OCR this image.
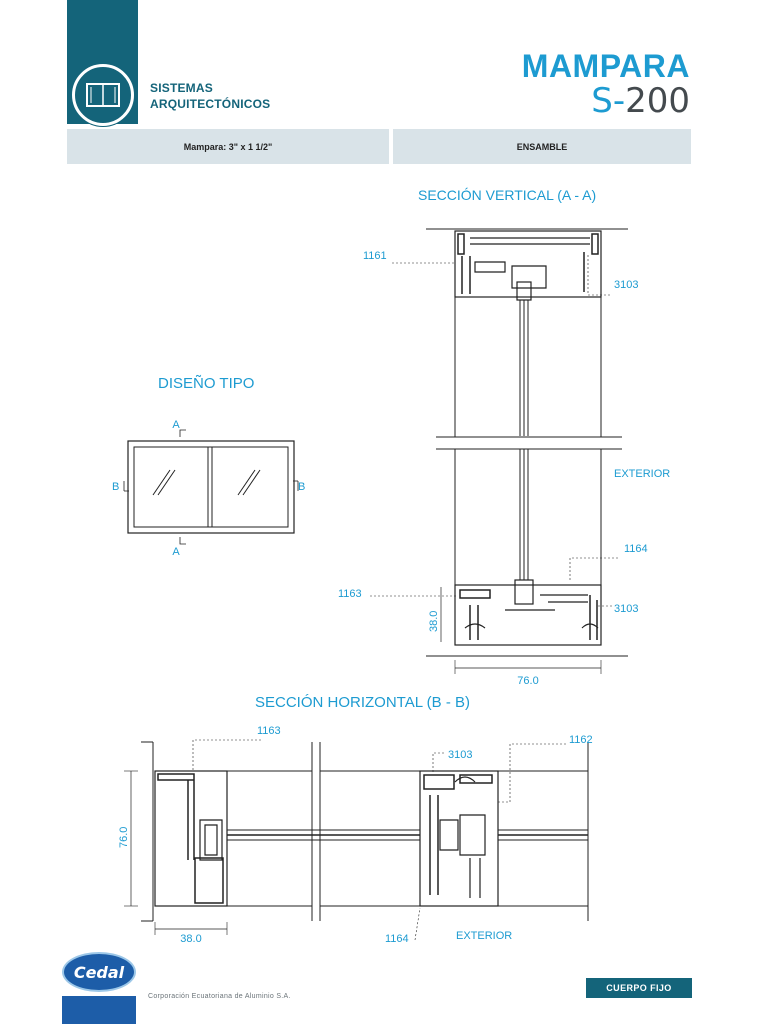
SISTEMAS
ARQUITECTÓNICOS
MAMPARA
S-200
Mampara: 3" x 1 1/2"	ENSAMBLE
SECCIÓN VERTICAL (A - A)
DISEÑO TIPO
SECCIÓN HORIZONTAL (B - B)
A
A
B	B
1161
3103
EXTERIOR
1164
1163
3103
38.0
76.0
1163
3103
1162
1164	EXTERIOR
76.0
38.0
Cedal
Corporación Ecuatoriana de Aluminio S.A.
CUERPO FIJO
